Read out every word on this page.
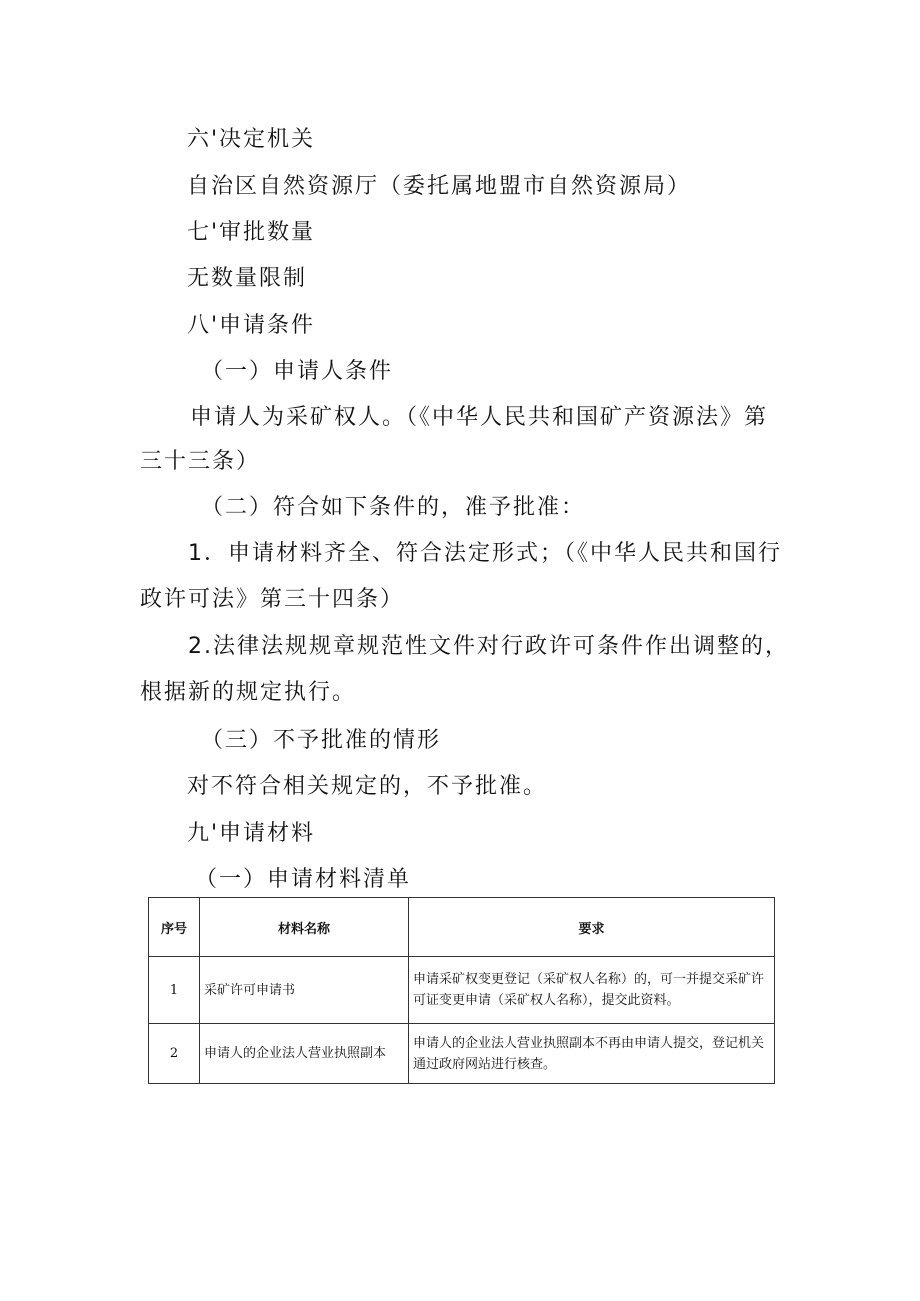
六'决定机关
自治区自然资源厅（委托属地盟市自然资源局）
七'审批数量
无数量限制
八'申请条件
（一）申请人条件
申请人为采矿权人。（《中华人民共和国矿产资源法》第
三十三条）
（二）符合如下条件的，准予批准：
1．申请材料齐全、符合法定形式；（《中华人民共和国行
政许可法》第三十四条）
2.法律法规规章规范性文件对行政许可条件作出调整的，
根据新的规定执行。
（三）不予批准的情形
对不符合相关规定的，不予批准。
九'申请材料
（一）申请材料清单
序号	材料名称	要求
1	采矿许可申请书	申请采矿权变更登记（采矿权人名称）的，可一并提交采矿许可证变更申请（采矿权人名称），提交此资料。
2	申请人的企业法人营业执照副本	申请人的企业法人营业执照副本不再由申请人提交，登记机关通过政府网站进行核查。
